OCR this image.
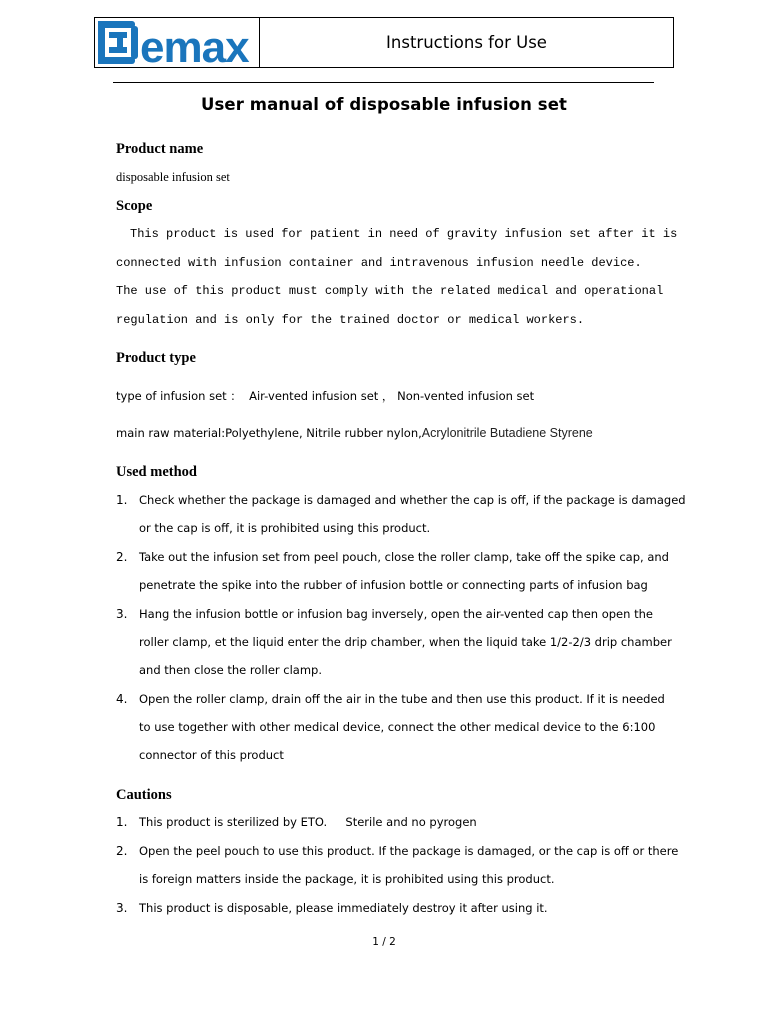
emax	Instructions for Use
User manual of disposable infusion set
Product name
disposable infusion set
Scope
This product is used for patient in need of gravity infusion set after it is
connected with infusion container and intravenous infusion needle device.
The use of this product must comply with the related medical and operational
regulation and is only for the trained doctor or medical workers.
Product type
type of infusion set ：  Air-vented infusion set ， Non-vented infusion set
main raw material:Polyethylene, Nitrile rubber nylon,Acrylonitrile Butadiene Styrene
Used method
1. Check whether the package is damaged and whether the cap is off, if the package is damaged
or the cap is off, it is prohibited using this product.
2. Take out the infusion set from peel pouch, close the roller clamp, take off the spike cap, and
penetrate the spike into the rubber of infusion bottle or connecting parts of infusion bag
3. Hang the infusion bottle or infusion bag inversely, open the air-vented cap then open the
roller clamp, et the liquid enter the drip chamber, when the liquid take 1/2-2/3 drip chamber
and then close the roller clamp.
4. Open the roller clamp, drain off the air in the tube and then use this product. If it is needed
to use together with other medical device, connect the other medical device to the 6:100
connector of this product
Cautions
1. This product is sterilized by ETO.     Sterile and no pyrogen
2. Open the peel pouch to use this product. If the package is damaged, or the cap is off or there
is foreign matters inside the package, it is prohibited using this product.
3. This product is disposable, please immediately destroy it after using it.
1 / 2
